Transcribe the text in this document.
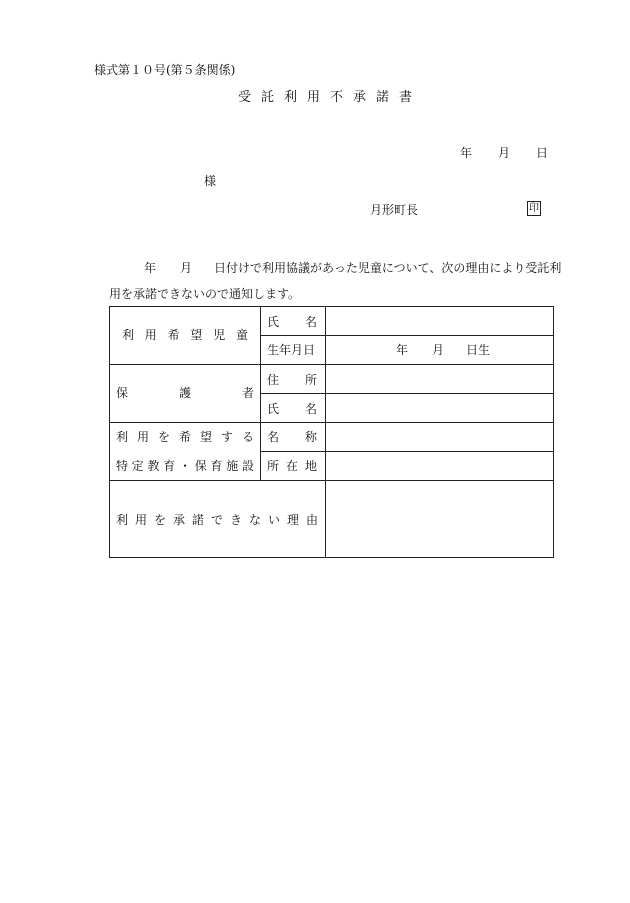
様式第１０号(第５条関係)
受託利用不承諾書
年 月 日
様
月形町長	印
年 月 日付けで利用協議があった児童について、次の理由により受託利
用を承諾できないので通知します。
利用希望児童
氏名
生年月日	年 月 日生
保護者
住所
氏名
利用を希望する
特定教育・保育施設
名称
所在地
利用を承諾できない理由
